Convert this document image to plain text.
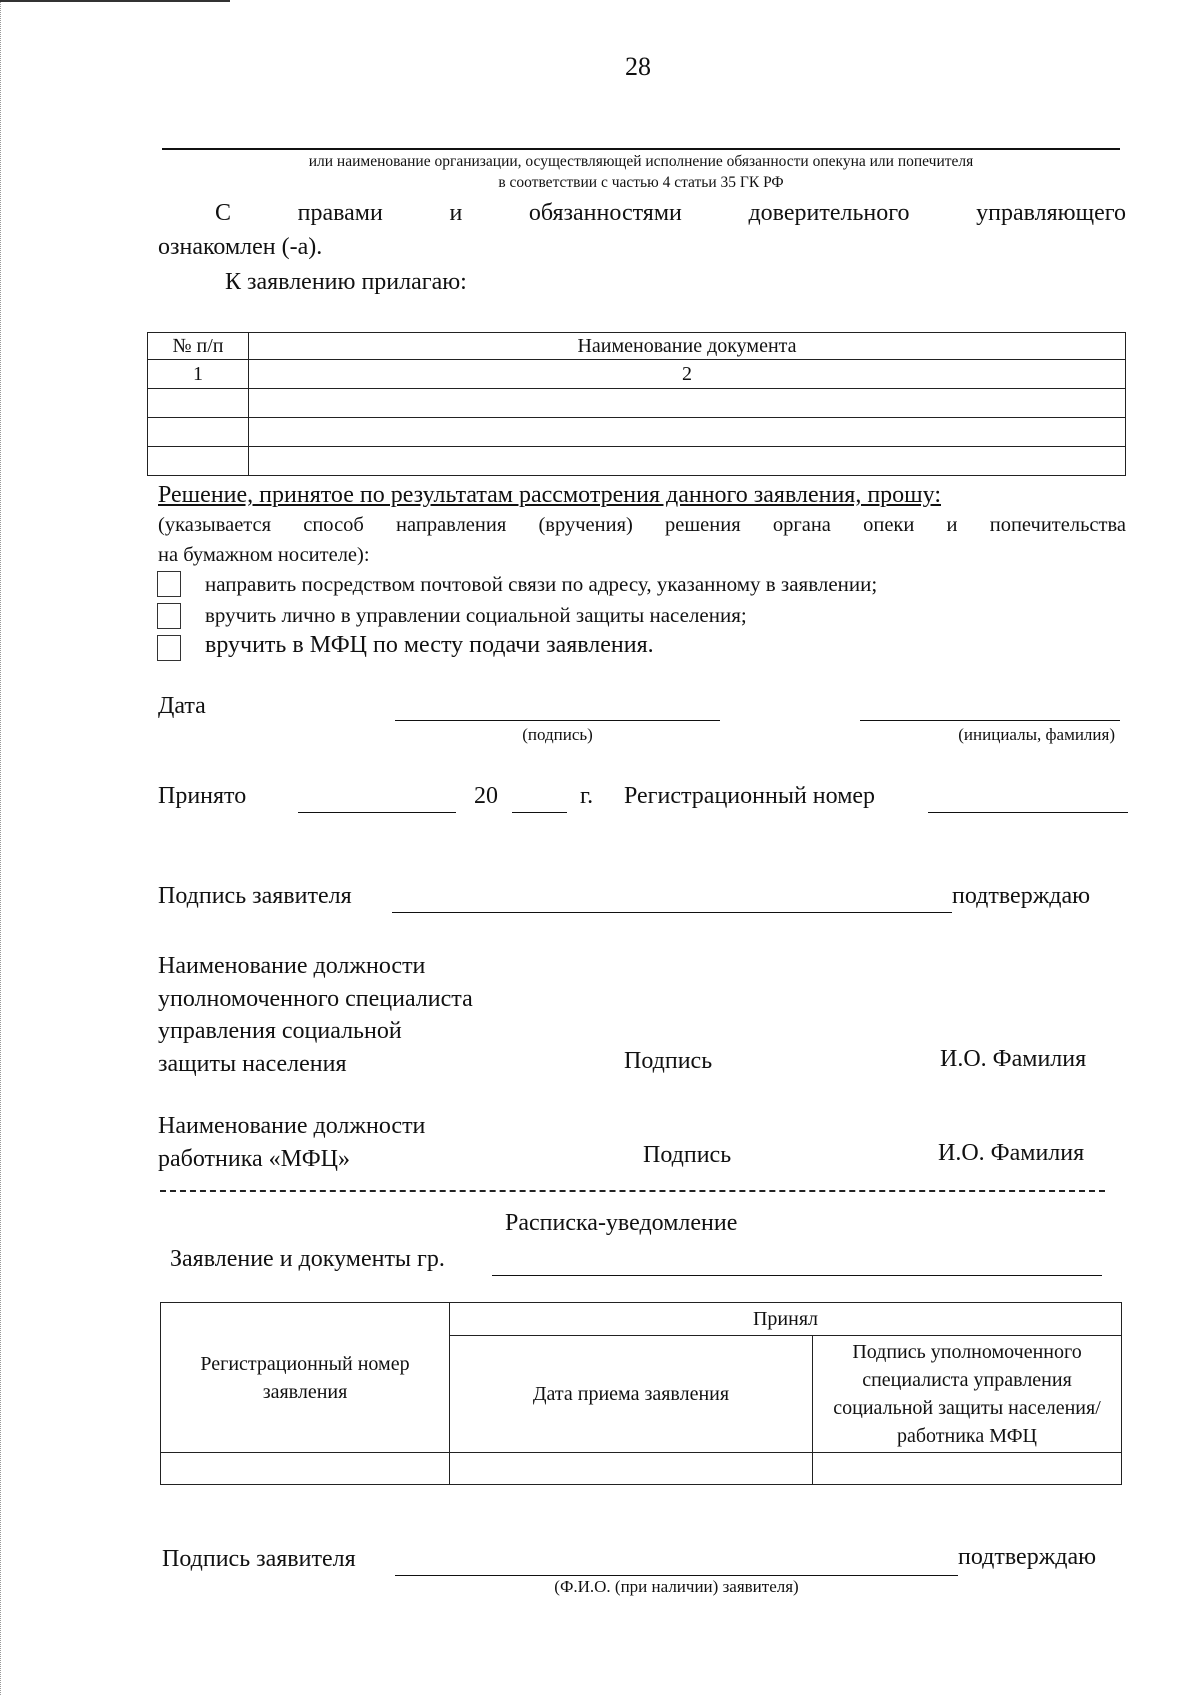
28
или наименование организации, осуществляющей исполнение обязанности опекуна или попечителя
в соответствии с частью 4 статьи 35 ГК РФ
С	правами	и	обязанностями	доверительного	управляющего
ознакомлен (-а).
К заявлению прилагаю:
№ п/п	Наименование документа
1	2

Решение, принятое по результатам рассмотрения данного заявления, прошу:
(указывается способ направления (вручения) решения органа опеки и попечительства
на бумажном носителе):
направить посредством почтовой связи по адресу, указанному в заявлении;
вручить лично в управлении социальной защиты населения;
вручить в МФЦ по месту подачи заявления.
Дата
(подпись)	(инициалы, фамилия)
Принято	20	г. Регистрационный номер
Подпись заявителя	подтверждаю
Наименование должности
уполномоченного специалиста
управления социальной
защиты населения	Подпись	И.О. Фамилия
Наименование должности
работника «МФЦ»	Подпись	И.О. Фамилия
Расписка-уведомление
Заявление и документы гр.
Регистрационный номер заявления	Принял	
	Дата приема заявления	Подпись уполномоченного специалиста управления социальной защиты населения/работника МФЦ

Подпись заявителя	подтверждаю
(Ф.И.О. (при наличии) заявителя)
